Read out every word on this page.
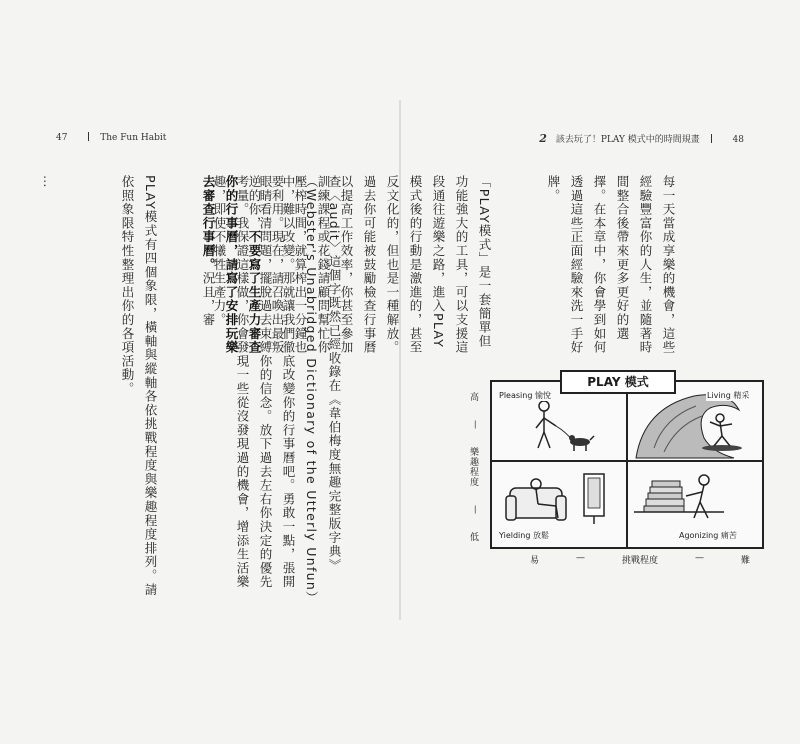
47	The Fun Habit	2 該去玩了！PLAY 模式中的時間規畫	48

查〈audit〉這個字既然已經收錄在《韋伯梅度無趣完整版字典》（Webster's Unabridged Dictionary of the Utterly Unfun）中，難以改變。那就讓我們徹底改變你的行事曆吧。勇敢一點，張開眼睛看清問題，擺脫過去束縛你的信念。放下過去左右你決定的優先考量。我保證這樣做，你會發現一些從沒發現過的機會，增添生活樂趣，即使不犧牲生產力。

PLAY模式有四個象限，橫軸與縱軸各依挑戰程度與樂趣程度排列。請依照象限特性整理出你的各項活動。

…

	每一天當成享樂的機會，這些經驗豐富你的人生，並隨著時間整合後帶來更多更好的選擇。在本章中，你會學到如何透過這些正面經驗來洗一手好牌。

「PLAY模式」是一套簡單但功能強大的工具，可以支援這段通往遊樂之路，進入PLAY模式後的行動是激進的，甚至反文化的，但也是一種解放。過去你可能被鼓勵檢查行事曆以提高工作效率，你甚至參加訓練課程或花錢請顧問幫忙你壓榨時間，就算榨出一分鐘也要利用。現在，請召喚出最叛逆的你，不要寫了生產力審查你的行事曆，請寫了安排玩樂去審查行事曆。況且，審

高
—
樂趣程度
—
低
Pleasing 愉悅	Living 精采
Yielding 放鬆	Agonizing 痛苦
PLAY 模式
易	—	挑戰程度	—	難
